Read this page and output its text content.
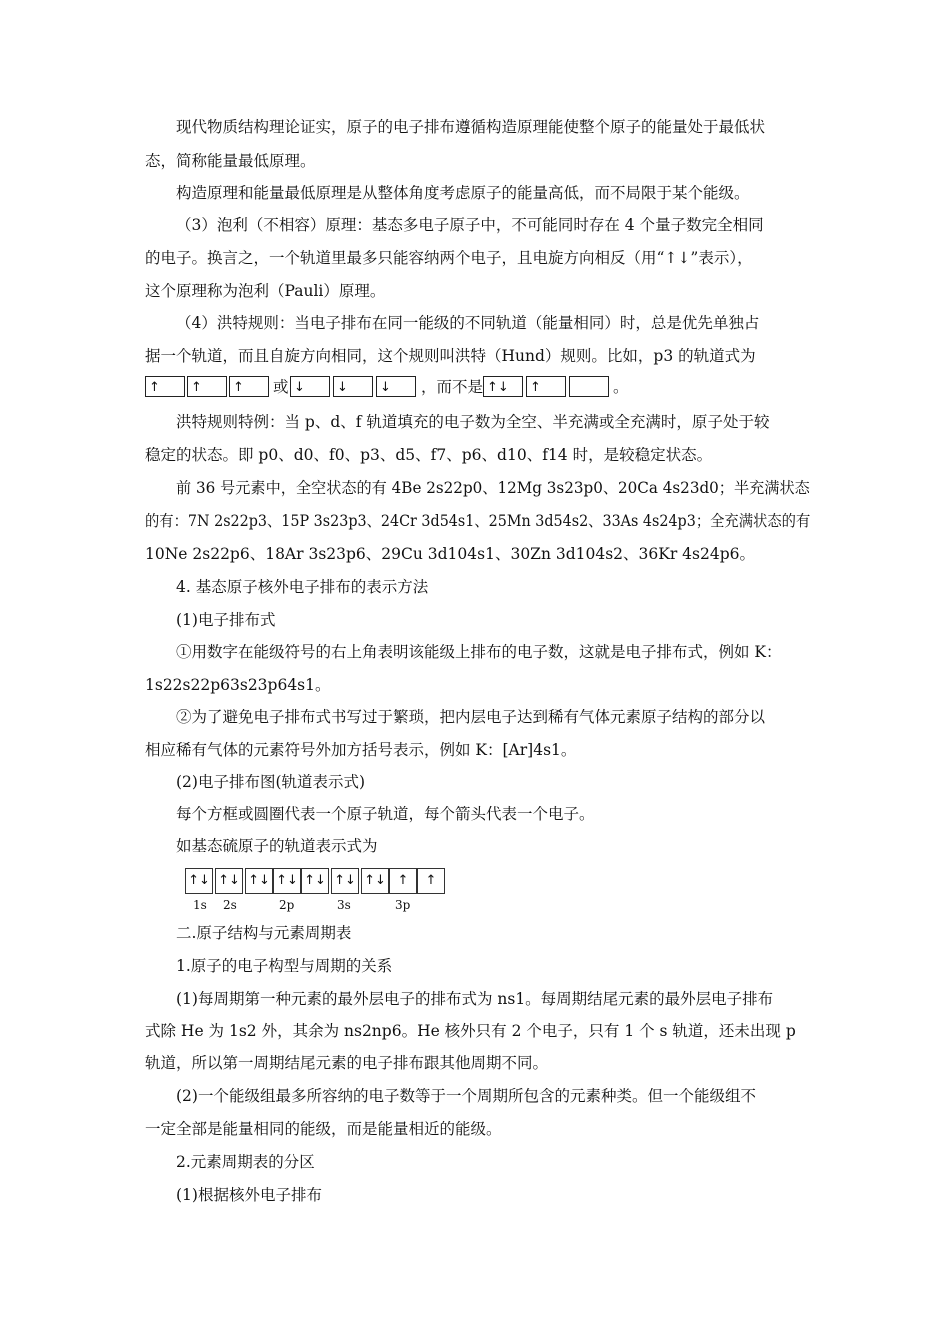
现代物质结构理论证实，原子的电子排布遵循构造原理能使整个原子的能量处于最低状
态，简称能量最低原理。
构造原理和能量最低原理是从整体角度考虑原子的能量高低，而不局限于某个能级。
（3）泡利（不相容）原理：基态多电子原子中，不可能同时存在 4 个量子数完全相同
的电子。换言之，一个轨道里最多只能容纳两个电子，且电旋方向相反（用“↑↓”表示），
这个原理称为泡利（Pauli）原理。
（4）洪特规则：当电子排布在同一能级的不同轨道（能量相同）时，总是优先单独占
据一个轨道，而且自旋方向相同，这个规则叫洪特（Hund）规则。比如，p3 的轨道式为
↑	↑	↑	或 ↓	↓	↓	，而不是 ↑↓	↑	。
洪特规则特例：当 p、d、f 轨道填充的电子数为全空、半充满或全充满时，原子处于较
稳定的状态。即 p0、d0、f0、p3、d5、f7、p6、d10、f14 时，是较稳定状态。
前 36 号元素中，全空状态的有 4Be 2s22p0、12Mg 3s23p0、20Ca 4s23d0；半充满状态
的有：7N 2s22p3、15P 3s23p3、24Cr 3d54s1、25Mn 3d54s2、33As 4s24p3；全充满状态的有
10Ne 2s22p6、18Ar 3s23p6、29Cu 3d104s1、30Zn 3d104s2、36Kr 4s24p6。
4. 基态原子核外电子排布的表示方法
(1)电子排布式
①用数字在能级符号的右上角表明该能级上排布的电子数，这就是电子排布式，例如 K：
1s22s22p63s23p64s1。
②为了避免电子排布式书写过于繁琐，把内层电子达到稀有气体元素原子结构的部分以
相应稀有气体的元素符号外加方括号表示，例如 K：[Ar]4s1。
(2)电子排布图(轨道表示式)
每个方框或圆圈代表一个原子轨道，每个箭头代表一个电子。
如基态硫原子的轨道表示式为
↑↓ ↑↓ ↑↓ ↑↓ ↑↓ ↑↓ ↑↓ ↑	↑
1s 2s	2p	3s	3p
二.原子结构与元素周期表
1.原子的电子构型与周期的关系
(1)每周期第一种元素的最外层电子的排布式为 ns1。每周期结尾元素的最外层电子排布
式除 He 为 1s2 外，其余为 ns2np6。He 核外只有 2 个电子，只有 1 个 s 轨道，还未出现 p
轨道，所以第一周期结尾元素的电子排布跟其他周期不同。
(2)一个能级组最多所容纳的电子数等于一个周期所包含的元素种类。但一个能级组不
一定全部是能量相同的能级，而是能量相近的能级。
2.元素周期表的分区
(1)根据核外电子排布
